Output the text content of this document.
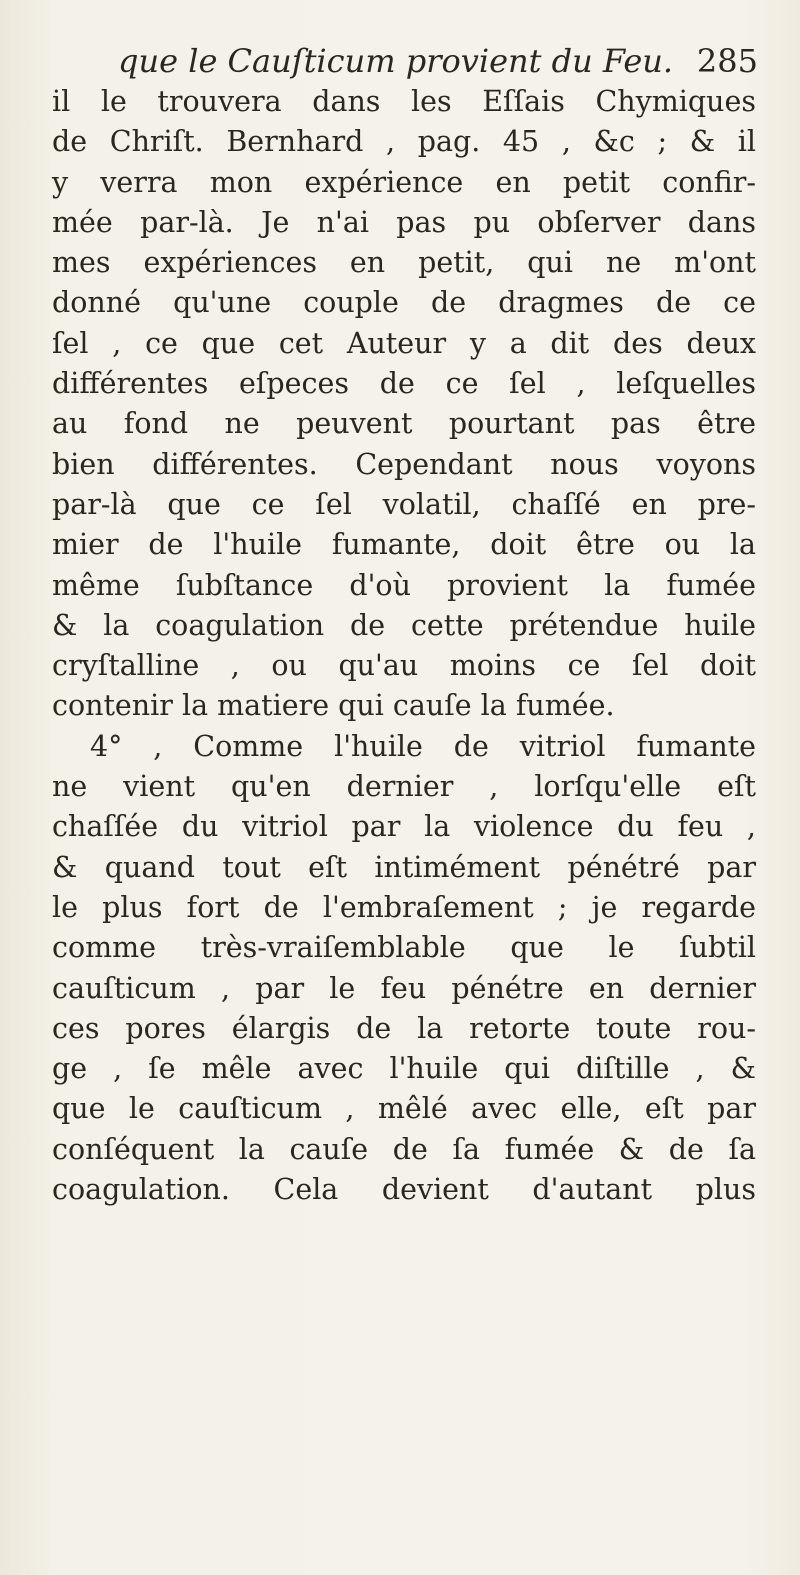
que le Cauſticum provient du Feu. 285
il le trouvera dans les Eſſais Chymiques
de Chriſt. Bernhard , pag. 45 , &c ; & il
y verra mon expérience en petit confir-
mée par-là. Je n'ai pas pu obſerver dans
mes expériences en petit, qui ne m'ont
donné qu'une couple de dragmes de ce
ſel , ce que cet Auteur y a dit des deux
différentes eſpeces de ce ſel , leſquelles
au fond ne peuvent pourtant pas être
bien différentes. Cependant nous voyons
par-là que ce ſel volatil, chaſſé en pre-
mier de l'huile fumante, doit être ou la
même ſubſtance d'où provient la fumée
& la coagulation de cette prétendue huile
cryſtalline , ou qu'au moins ce ſel doit
contenir la matiere qui cauſe la fumée.
4° , Comme l'huile de vitriol fumante
ne vient qu'en dernier , lorſqu'elle eſt
chaſſée du vitriol par la violence du feu ,
& quand tout eſt intimément pénétré par
le plus fort de l'embraſement ; je regarde
comme très-vraiſemblable que le ſubtil
cauſticum , par le feu pénétre en dernier
ces pores élargis de la retorte toute rou-
ge , ſe mêle avec l'huile qui diſtille , &
que le cauſticum , mêlé avec elle, eſt par
conſéquent la cauſe de ſa fumée & de ſa
coagulation. Cela devient d'autant plus
